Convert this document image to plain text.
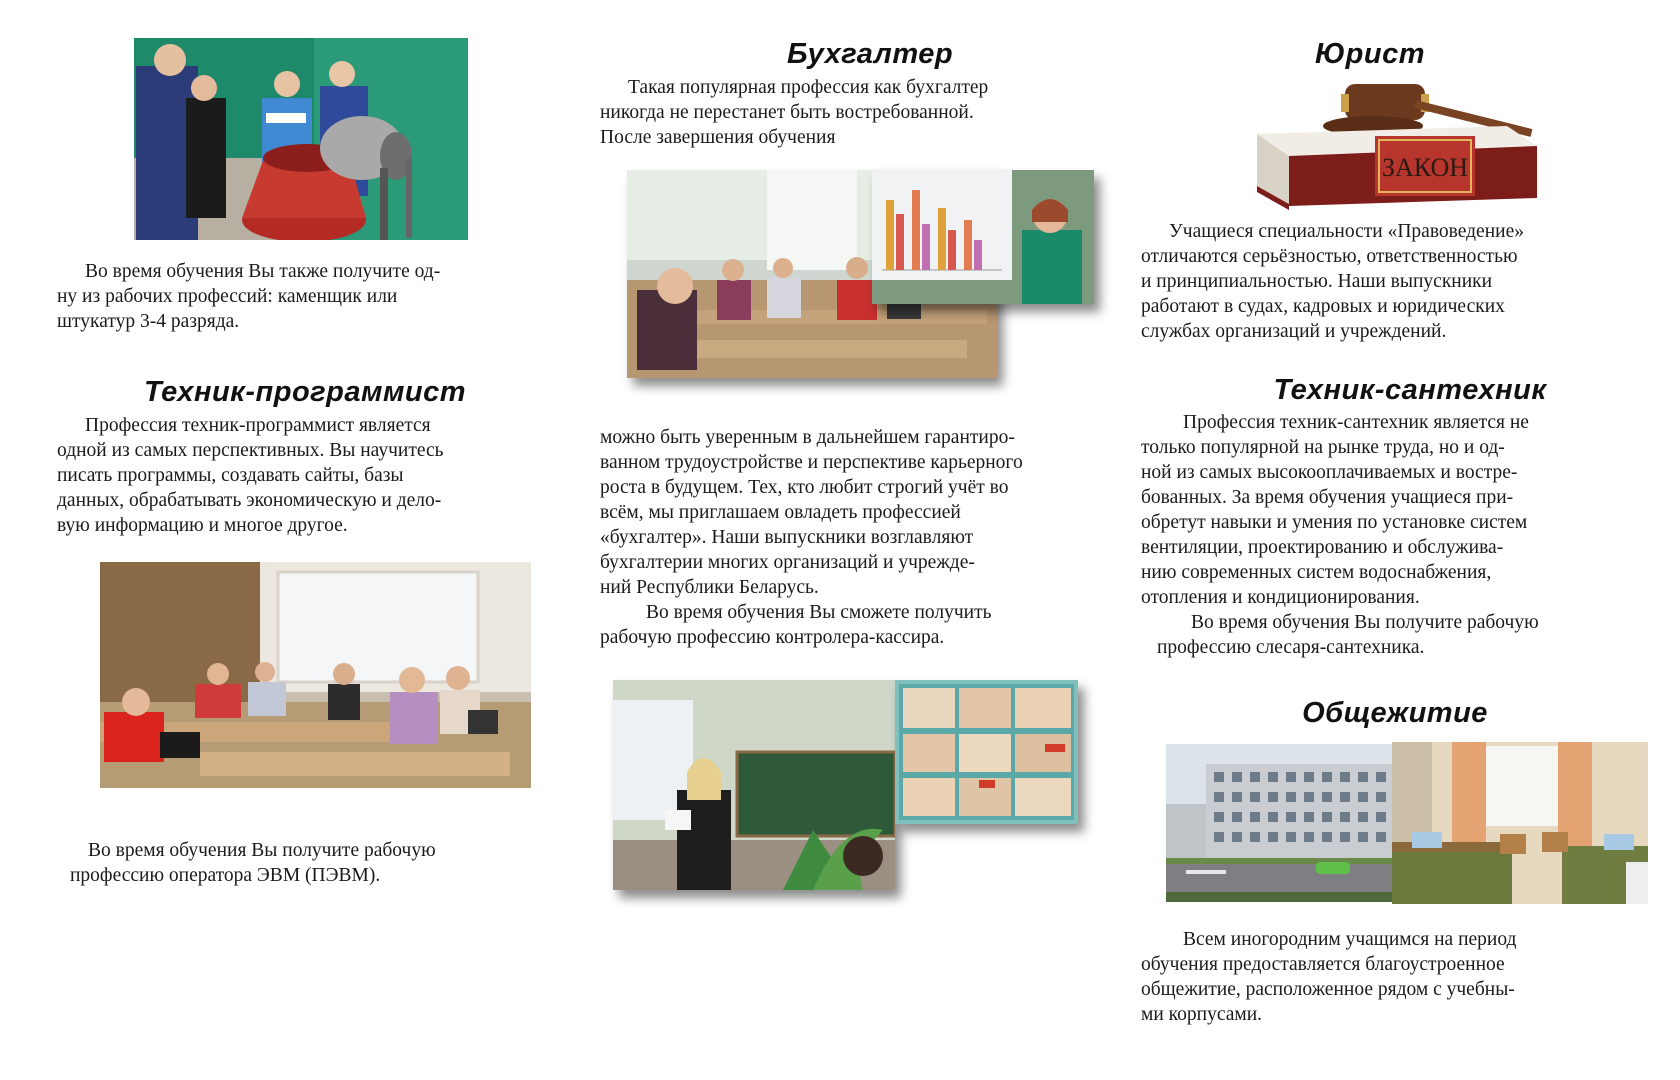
Во время обучения Вы также получите од-

ну из рабочих профессий: каменщик или

штукатур 3-4 разряда.

Техник-программист

Профессия техник-программист является

одной из самых перспективных. Вы научитесь

писать программы, создавать сайты, базы

данных, обрабатывать экономическую и дело-

вую информацию и многое другое.

Во время обучения Вы получите рабочую

профессию оператора ЭВМ (ПЭВМ).

Бухгалтер

Такая популярная профессия как бухгалтер

никогда не перестанет быть востребованной.

После завершения обучения

можно быть уверенным в дальнейшем гарантиро-

ванном трудоустройстве и перспективе карьерного

роста в будущем. Тех, кто любит строгий учёт во

всём, мы приглашаем овладеть профессией

«бухгалтер». Наши выпускники возглавляют

бухгалтерии многих организаций и учрежде-

ний Республики Беларусь.

Во время обучения Вы сможете получить

рабочую профессию контролера-кассира.

Юрист
ЗАКОН

Учащиеся специальности «Правоведение»

отличаются серьёзностью, ответственностью

и принципиальностью. Наши выпускники

работают в судах, кадровых и юридических

службах организаций и учреждений.

Техник-сантехник

Профессия техник-сантехник является не

только популярной на рынке труда, но и од-

ной из самых высокооплачиваемых и востре-

бованных. За время обучения учащиеся при-

обретут навыки и умения по установке систем

вентиляции, проектированию и обслужива-

нию современных систем водоснабжения,

отопления и кондиционирования.

Во время обучения Вы получите рабочую

профессию слесаря-сантехника.

Общежитие

Всем иногородним учащимся на период

обучения предоставляется благоустроенное

общежитие, расположенное рядом с учебны-

ми корпусами.
